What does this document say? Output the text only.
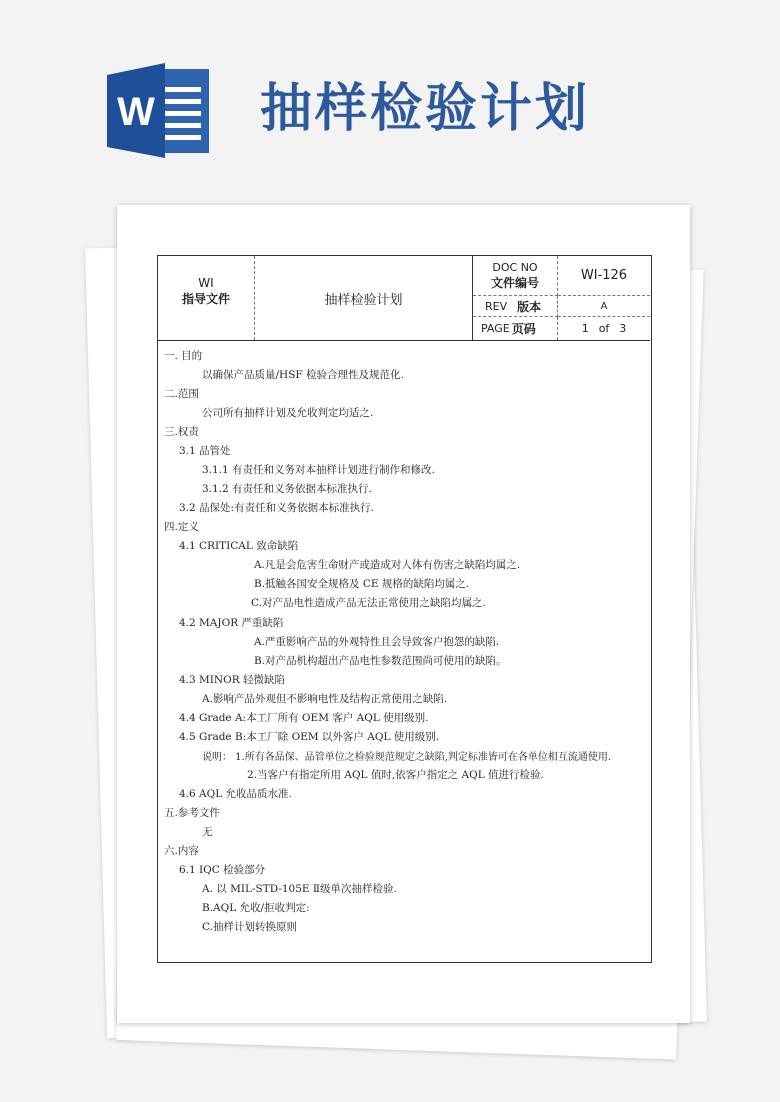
W 抽样检验计划
WI
指导文件	抽样检验计划
DOC NO
文件编号
REV 版本
PAGE 页码
WI-126
A
1 of 3
一. 目的
以确保产品质量/HSF 检验合理性及规范化.
二.范围
公司所有抽样计划及允收判定均适之.
三.权责
3.1 品管处
3.1.1 有责任和义务对本抽样计划进行制作和修改.
3.1.2 有责任和义务依据本标准执行.
3.2 品保处:有责任和义务依据本标准执行.
四.定义
4.1 CRITICAL 致命缺陷
A.凡是会危害生命财产或造成对人体有伤害之缺陷均属之.
B.抵触各国安全规格及 CE 规格的缺陷均属之.
C.对产品电性造成产品无法正常使用之缺陷均属之.
4.2 MAJOR 严重缺陷
A.严重影响产品的外观特性且会导致客户抱怨的缺陷.
B.对产品机构超出产品电性参数范围尚可使用的缺陷。
4.3 MINOR 轻微缺陷
A.影响产品外观但不影响电性及结构正常使用之缺陷.
4.4 Grade A:本工厂所有 OEM 客户 AQL 使用级别.
4.5 Grade B:本工厂除 OEM 以外客户 AQL 使用级别.
说明： 1.所有各品保、品管单位之检验规范规定之缺陷,判定标准皆可在各单位相互流通使用.
2.当客户有指定所用 AQL 值时,依客户指定之 AQL 值进行检验.
4.6 AQL 允收品质水准.
五.参考文件
无
六.内容
6.1 IQC 检验部分
A. 以 MIL-STD-105E Ⅱ级单次抽样检验.
B.AQL 允收/拒收判定:
C.抽样计划转换原则
